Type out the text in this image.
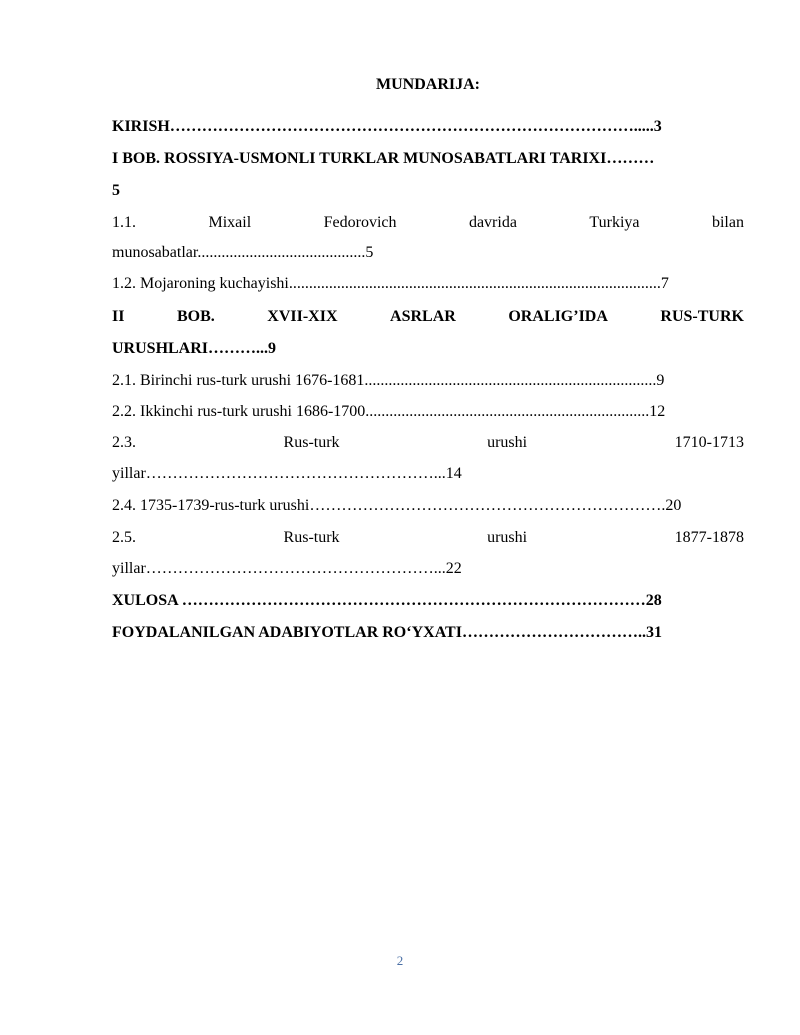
MUNDARIJA:
KIRISH…………………………………………………………………………….....3
I BOB. ROSSIYA-USMONLI TURKLAR MUNOSABATLARI TARIXI………
5
1.1.	Mixail	Fedorovich	davrida	Turkiya	bilan
munosabatlar..........................................5
1.2. Mojaroning kuchayishi.............................................................................................7
II	BOB.	XVII-XIX	ASRLAR	ORALIG’IDA	RUS-TURK
URUSHLARI………...9
2.1. Birinchi rus-turk urushi 1676-1681.........................................................................9
2.2. Ikkinchi rus-turk urushi 1686-1700.......................................................................12
2.3.	Rus-turk	urushi	1710-1713
yillar………………………………………………...14
2.4. 1735-1739-rus-turk urushi………………………………………………………….20
2.5.	Rus-turk	urushi	1877-1878
yillar………………………………………………...22
XULOSA ……………………………………………………………………………28
FOYDALANILGAN ADABIYOTLAR RO‘YXATI……………………………..31
2
